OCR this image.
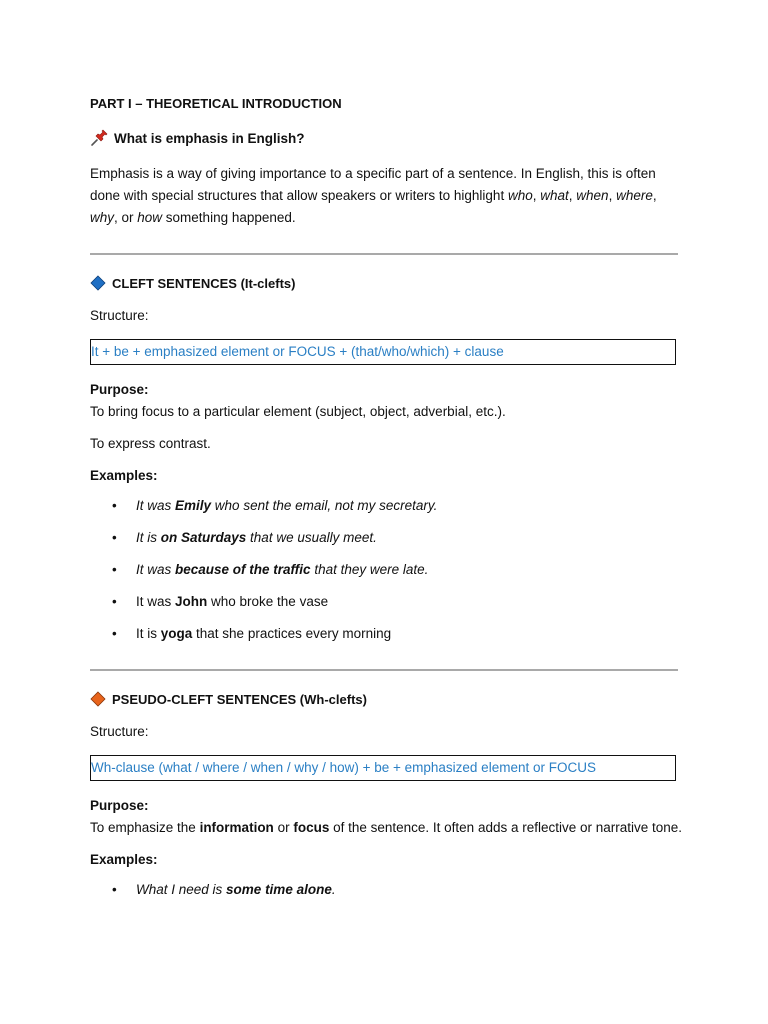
PART I – THEORETICAL INTRODUCTION
What is emphasis in English?

Emphasis is a way of giving importance to a specific part of a sentence. In English, this is often done with special structures that allow speakers or writers to highlight who, what, when, where, why, or how something happened.

CLEFT SENTENCES (It-clefts)

Structure:

It + be + emphasized element or FOCUS + (that/who/which) + clause

Purpose:

To bring focus to a particular element (subject, object, adverbial, etc.).

To express contrast.

Examples:

• It was Emily who sent the email, not my secretary.
• It is on Saturdays that we usually meet.
• It was because of the traffic that they were late.
• It was John who broke the vase
• It is yoga that she practices every morning
PSEUDO-CLEFT SENTENCES (Wh-clefts)

Structure:

Wh-clause (what / where / when / why / how) + be + emphasized element or FOCUS

Purpose:

To emphasize the information or focus of the sentence. It often adds a reflective or narrative tone.

Examples:

• What I need is some time alone.
